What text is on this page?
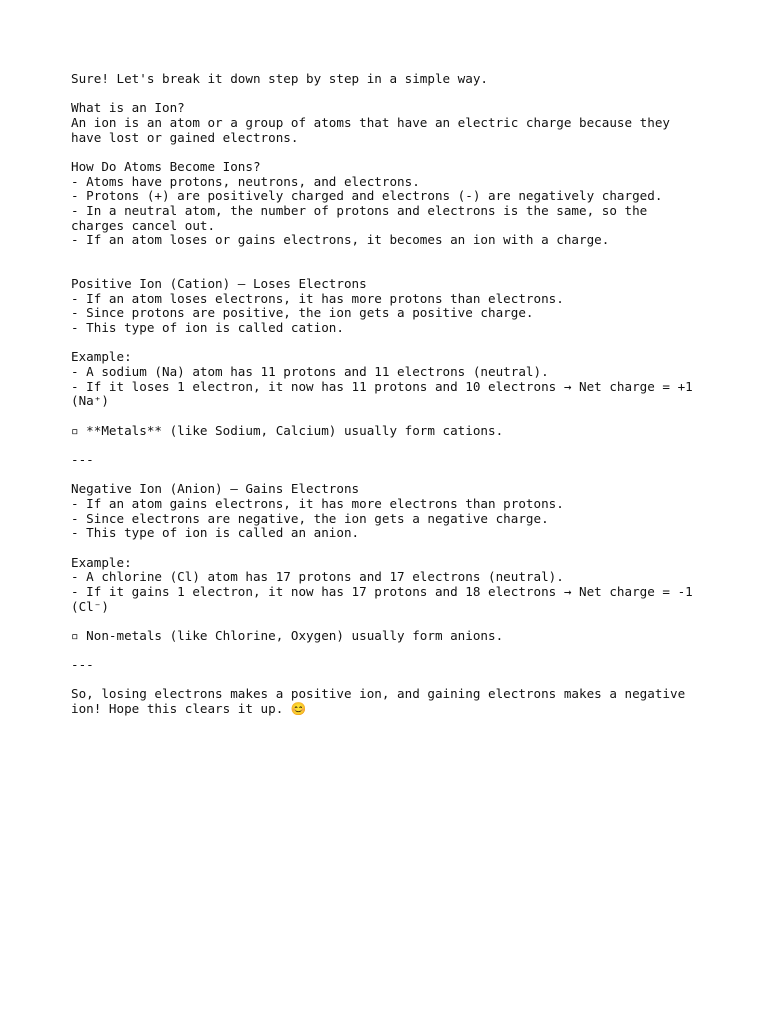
Sure! Let's break it down step by step in a simple way.
What is an Ion?
An ion is an atom or a group of atoms that have an electric charge because they
have lost or gained electrons.
How Do Atoms Become Ions?
- Atoms have protons, neutrons, and electrons.
- Protons (+) are positively charged and electrons (-) are negatively charged.
- In a neutral atom, the number of protons and electrons is the same, so the
charges cancel out.
- If an atom loses or gains electrons, it becomes an ion with a charge.
Positive Ion (Cation) – Loses Electrons
- If an atom loses electrons, it has more protons than electrons.
- Since protons are positive, the ion gets a positive charge.
- This type of ion is called cation.
Example:
- A sodium (Na) atom has 11 protons and 11 electrons (neutral).
- If it loses 1 electron, it now has 11 protons and 10 electrons → Net charge = +1
(Na⁺)
▫ **Metals** (like Sodium, Calcium) usually form cations.
---
Negative Ion (Anion) – Gains Electrons
- If an atom gains electrons, it has more electrons than protons.
- Since electrons are negative, the ion gets a negative charge.
- This type of ion is called an anion.
Example:
- A chlorine (Cl) atom has 17 protons and 17 electrons (neutral).
- If it gains 1 electron, it now has 17 protons and 18 electrons → Net charge = -1
(Cl⁻)
▫ Non-metals (like Chlorine, Oxygen) usually form anions.
---
So, losing electrons makes a positive ion, and gaining electrons makes a negative
ion! Hope this clears it up. 😊
